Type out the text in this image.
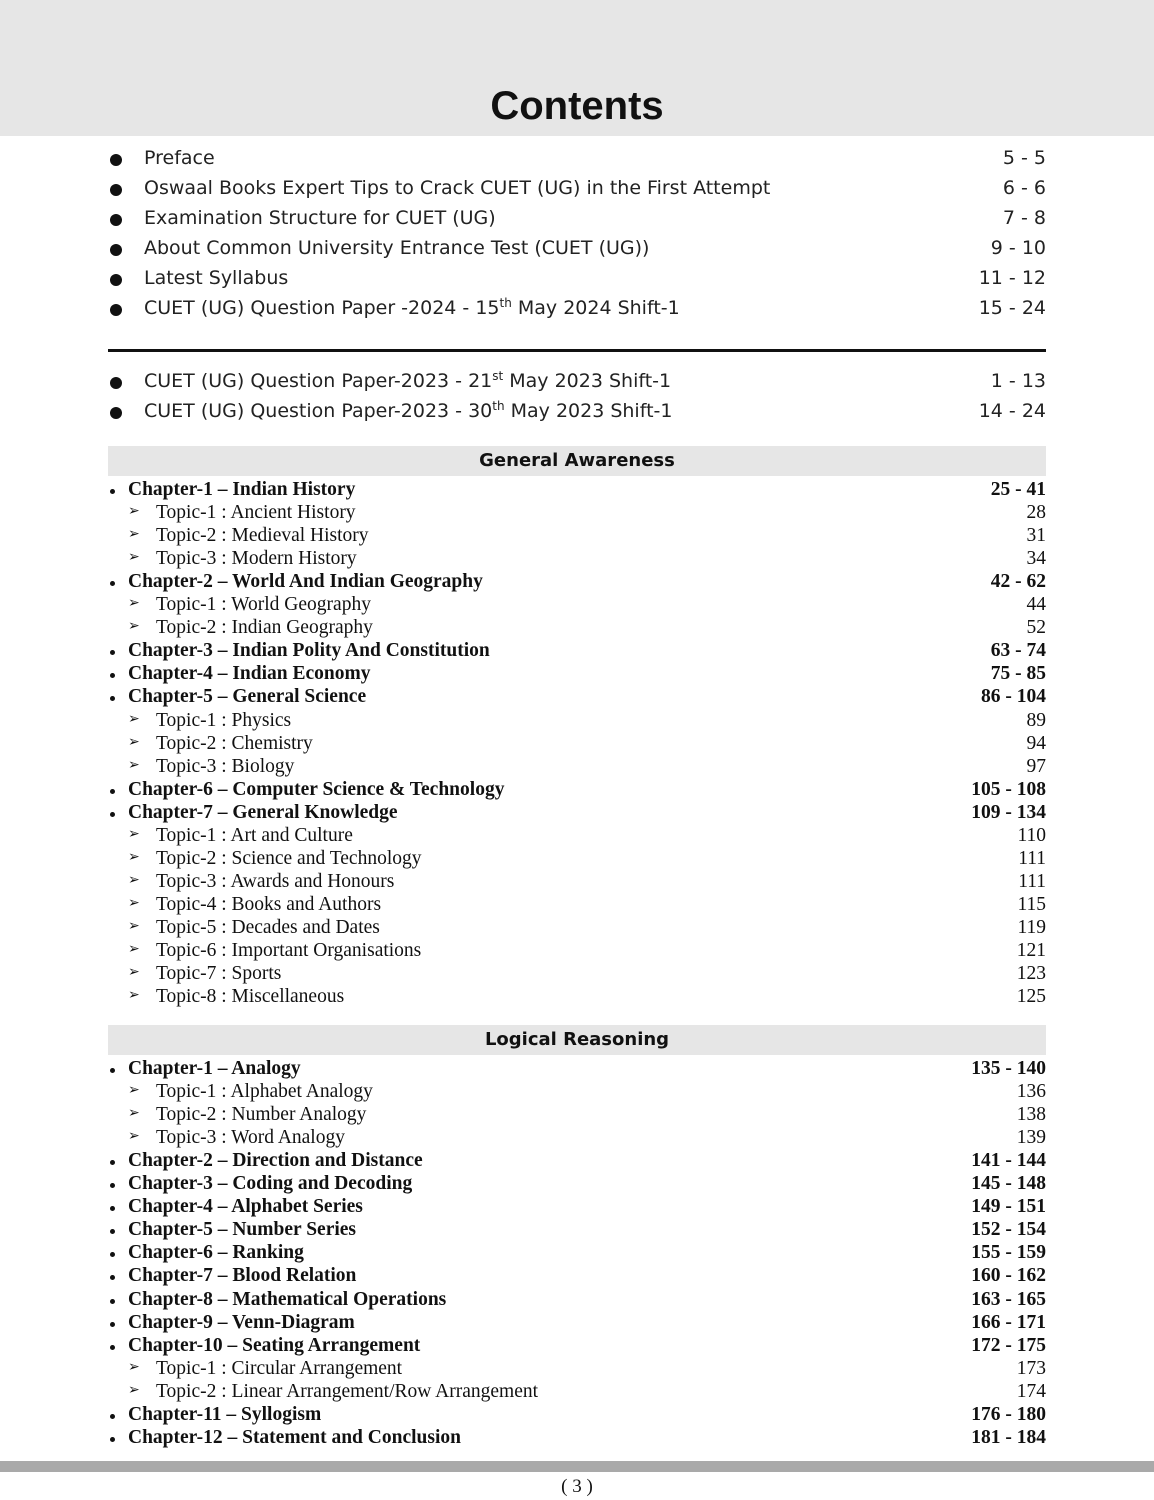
Contents
Preface	5 - 5
Oswaal Books Expert Tips to Crack CUET (UG) in the First Attempt	6 - 6
Examination Structure for CUET (UG)	7 - 8
About Common University Entrance Test (CUET (UG))	9 - 10
Latest Syllabus	11 - 12
CUET (UG) Question Paper -2024 - 15th May 2024 Shift-1	15 - 24
CUET (UG) Question Paper-2023 - 21st May 2023 Shift-1	1 - 13
CUET (UG) Question Paper-2023 - 30th May 2023 Shift-1	14 - 24
General Awareness
Chapter-1 – Indian History	25 - 41
➢ Topic-1 : Ancient History	28
➢ Topic-2 : Medieval History	31
➢ Topic-3 : Modern History	34
Chapter-2 – World And Indian Geography	42 - 62
➢ Topic-1 : World Geography	44
➢ Topic-2 : Indian Geography	52
Chapter-3 – Indian Polity And Constitution	63 - 74
Chapter-4 – Indian Economy	75 - 85
Chapter-5 – General Science	86 - 104
➢ Topic-1 : Physics	89
➢ Topic-2 : Chemistry	94
➢ Topic-3 : Biology	97
Chapter-6 – Computer Science & Technology	105 - 108
Chapter-7 – General Knowledge	109 - 134
➢ Topic-1 : Art and Culture	110
➢ Topic-2 : Science and Technology	111
➢ Topic-3 : Awards and Honours	111
➢ Topic-4 : Books and Authors	115
➢ Topic-5 : Decades and Dates	119
➢ Topic-6 : Important Organisations	121
➢ Topic-7 : Sports	123
➢ Topic-8 : Miscellaneous	125
Logical Reasoning
Chapter-1 – Analogy	135 - 140
➢ Topic-1 : Alphabet Analogy	136
➢ Topic-2 : Number Analogy	138
➢ Topic-3 : Word Analogy	139
Chapter-2 – Direction and Distance	141 - 144
Chapter-3 – Coding and Decoding	145 - 148
Chapter-4 – Alphabet Series	149 - 151
Chapter-5 – Number Series	152 - 154
Chapter-6 – Ranking	155 - 159
Chapter-7 – Blood Relation	160 - 162
Chapter-8 – Mathematical Operations	163 - 165
Chapter-9 – Venn-Diagram	166 - 171
Chapter-10 – Seating Arrangement	172 - 175
➢ Topic-1 : Circular Arrangement	173
➢ Topic-2 : Linear Arrangement/Row Arrangement	174
Chapter-11 – Syllogism	176 - 180
Chapter-12 – Statement and Conclusion	181 - 184
( 3 )
